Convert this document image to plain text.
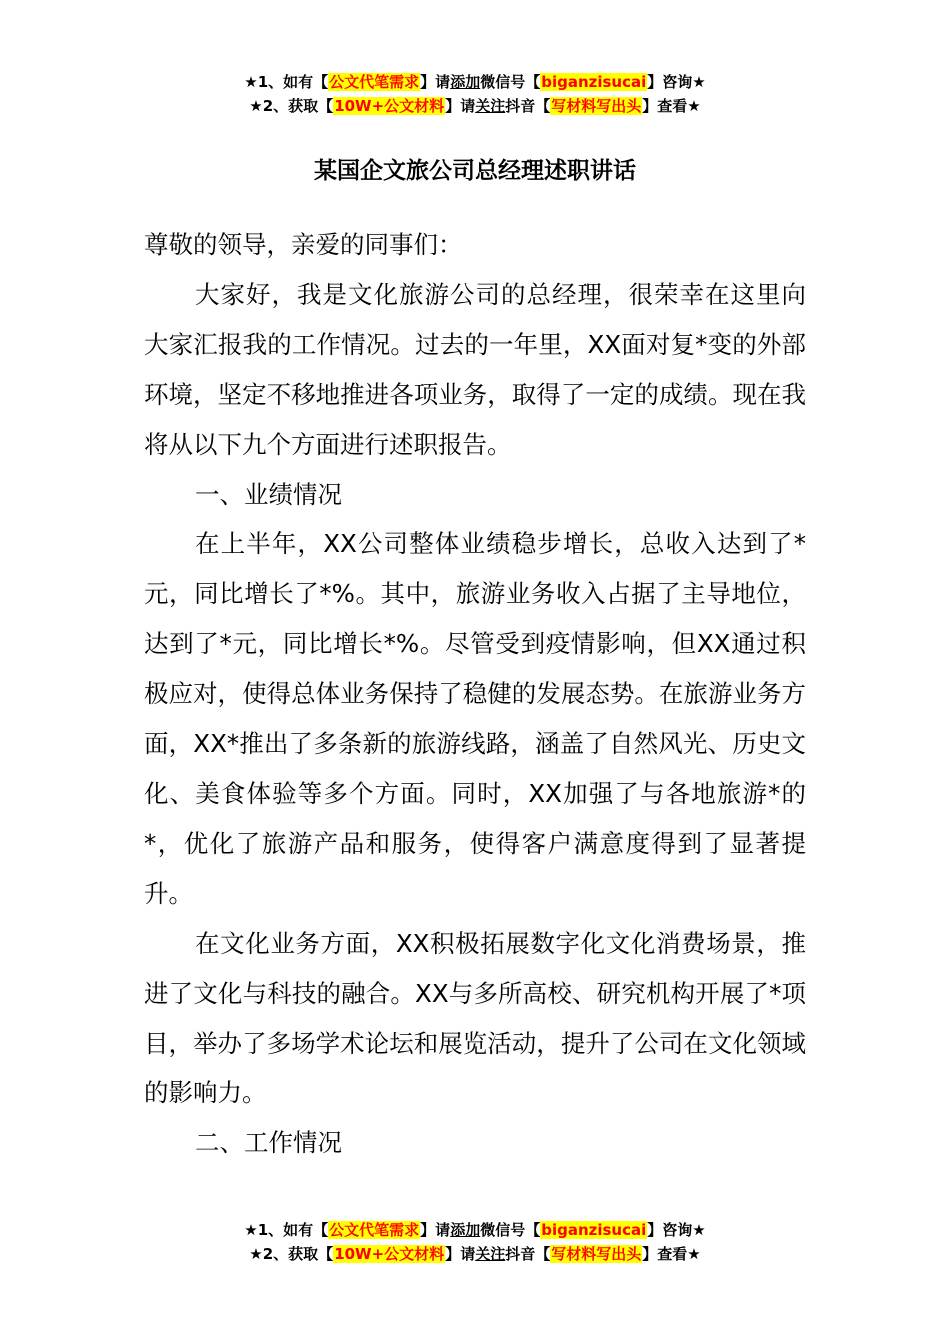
★1、如有【公文代笔需求】请添加微信号【biganzisucai】咨询★
★2、获取【10W+公文材料】请关注抖音【写材料写出头】查看★
某国企文旅公司总经理述职讲话

尊敬的领导，亲爱的同事们：

大家好，我是文化旅游公司的总经理，很荣幸在这里向大家汇报我的工作情况。过去的一年里，XX面对复*变的外部环境，坚定不移地推进各项业务，取得了一定的成绩。现在我将从以下九个方面进行述职报告。

一、业绩情况

在上半年，XX公司整体业绩稳步增长，总收入达到了*元，同比增长了*%。其中，旅游业务收入占据了主导地位，达到了*元，同比增长*%。尽管受到疫情影响，但XX通过积极应对，使得总体业务保持了稳健的发展态势。在旅游业务方面，XX*推出了多条新的旅游线路，涵盖了自然风光、历史文化、美食体验等多个方面。同时，XX加强了与各地旅游*的*，优化了旅游产品和服务，使得客户满意度得到了显著提升。

在文化业务方面，XX积极拓展数字化文化消费场景，推进了文化与科技的融合。XX与多所高校、研究机构开展了*项目，举办了多场学术论坛和展览活动，提升了公司在文化领域的影响力。

二、工作情况

★1、如有【公文代笔需求】请添加微信号【biganzisucai】咨询★
★2、获取【10W+公文材料】请关注抖音【写材料写出头】查看★
